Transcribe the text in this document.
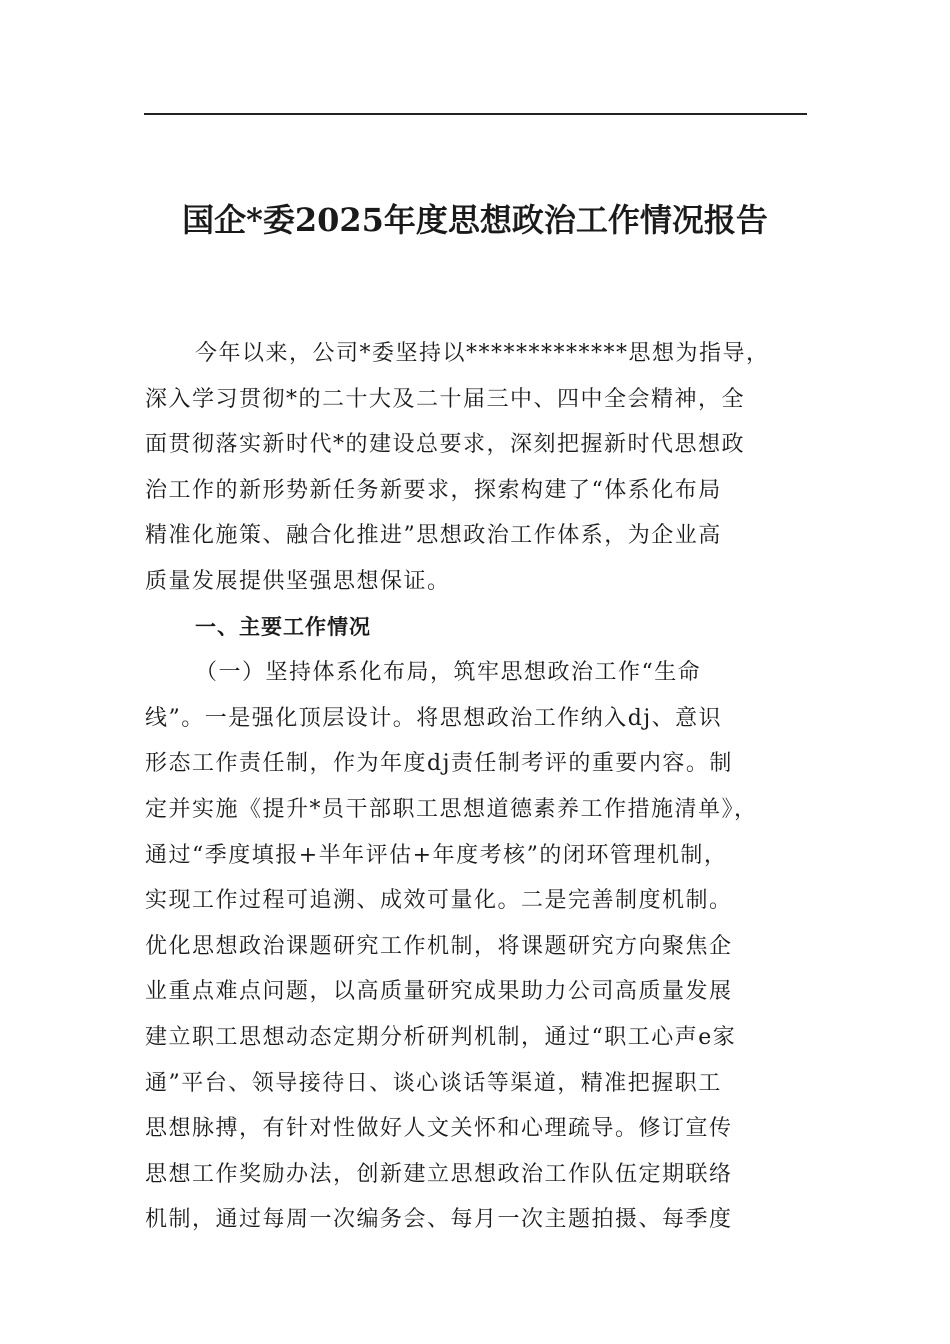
国企*委2025年度思想政治工作情况报告
今年以来，公司*委坚持以*************思想为指导，
深入学习贯彻*的二十大及二十届三中、四中全会精神，全
面贯彻落实新时代*的建设总要求，深刻把握新时代思想政
治工作的新形势新任务新要求，探索构建了“体系化布局
精准化施策、融合化推进”思想政治工作体系，为企业高
质量发展提供坚强思想保证。
一、主要工作情况
（一）坚持体系化布局，筑牢思想政治工作“生命
线”。一是强化顶层设计。将思想政治工作纳入dj、意识
形态工作责任制，作为年度dj责任制考评的重要内容。制
定并实施《提升*员干部职工思想道德素养工作措施清单》，
通过“季度填报+半年评估+年度考核”的闭环管理机制，
实现工作过程可追溯、成效可量化。二是完善制度机制。
优化思想政治课题研究工作机制，将课题研究方向聚焦企
业重点难点问题，以高质量研究成果助力公司高质量发展
建立职工思想动态定期分析研判机制，通过“职工心声e家
通”平台、领导接待日、谈心谈话等渠道，精准把握职工
思想脉搏，有针对性做好人文关怀和心理疏导。修订宣传
思想工作奖励办法，创新建立思想政治工作队伍定期联络
机制，通过每周一次编务会、每月一次主题拍摄、每季度
